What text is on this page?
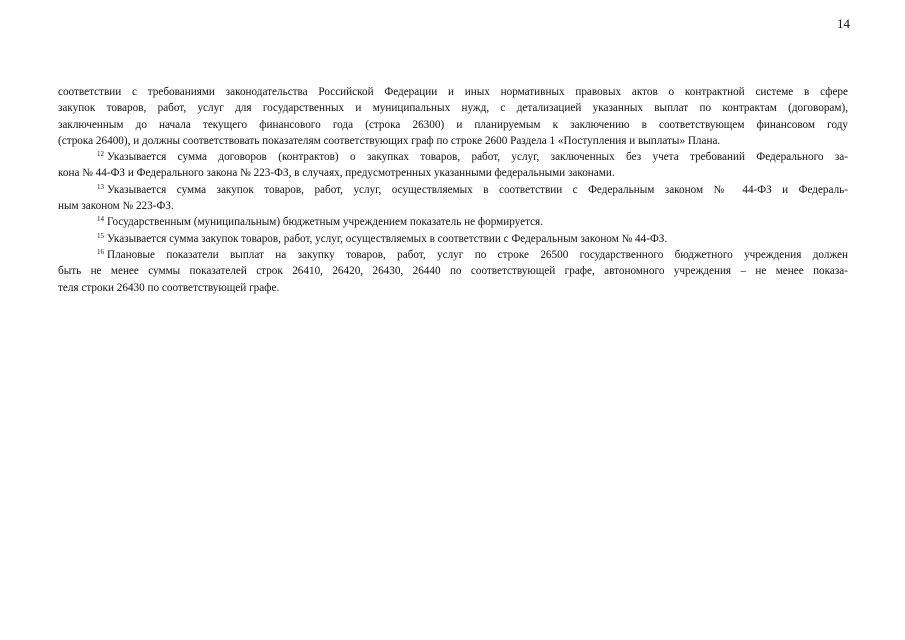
14
соответствии с требованиями законодательства Российской Федерации и иных нормативных правовых актов о контрактной системе в сфере
закупок товаров, работ, услуг для государственных и муниципальных нужд, с детализацией указанных выплат по контрактам (договорам),
заключенным до начала текущего финансового года (строка 26300) и планируемым к заключению в соответствующем финансовом году
(строка 26400), и должны соответствовать показателям соответствующих граф по строке 2600 Раздела 1 «Поступления и выплаты» Плана.
$^{12}$ Указывается сумма договоров (контрактов) о закупках товаров, работ, услуг, заключенных без учета требований Федерального за-
кона № 44-ФЗ и Федерального закона № 223-ФЗ, в случаях, предусмотренных указанными федеральными законами.
$^{13}$ Указывается сумма закупок товаров, работ, услуг, осуществляемых в соответствии с Федеральным законом № 44-ФЗ и Федераль-
ным законом № 223-ФЗ.
$^{14}$ Государственным (муниципальным) бюджетным учреждением показатель не формируется.
$^{15}$ Указывается сумма закупок товаров, работ, услуг, осуществляемых в соответствии с Федеральным законом № 44-ФЗ.
$^{16}$ Плановые показатели выплат на закупку товаров, работ, услуг по строке 26500 государственного бюджетного учреждения должен
быть не менее суммы показателей строк 26410, 26420, 26430, 26440 по соответствующей графе, автономного учреждения – не менее показа-
теля строки 26430 по соответствующей графе.
